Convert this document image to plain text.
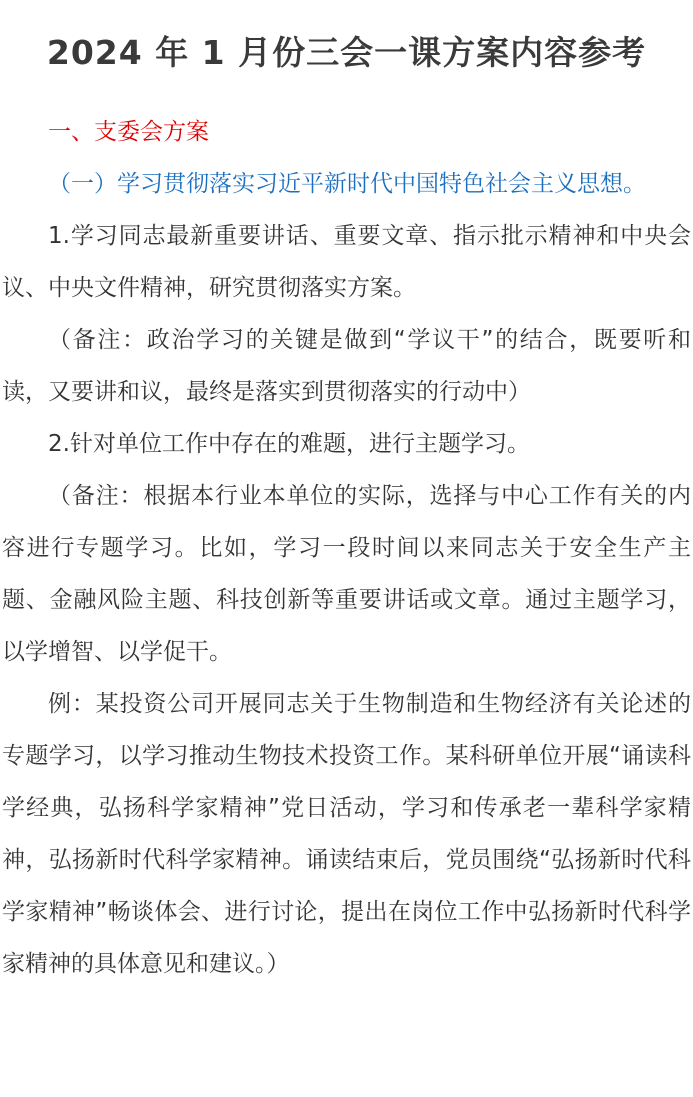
2024 年 1 月份三会一课方案内容参考

一、支委会方案

（一）学习贯彻落实习近平新时代中国特色社会主义思想。

1.学习同志最新重要讲话、重要文章、指示批示精神和中央会议、中央文件精神，研究贯彻落实方案。

（备注：政治学习的关键是做到“学议干”的结合，既要听和读，又要讲和议，最终是落实到贯彻落实的行动中）

2.针对单位工作中存在的难题，进行主题学习。

（备注：根据本行业本单位的实际，选择与中心工作有关的内容进行专题学习。比如，学习一段时间以来同志关于安全生产主题、金融风险主题、科技创新等重要讲话或文章。通过主题学习，以学增智、以学促干。

例：某投资公司开展同志关于生物制造和生物经济有关论述的专题学习，以学习推动生物技术投资工作。某科研单位开展“诵读科学经典，弘扬科学家精神”党日活动，学习和传承老一辈科学家精神，弘扬新时代科学家精神。诵读结束后，党员围绕“弘扬新时代科学家精神”畅谈体会、进行讨论，提出在岗位工作中弘扬新时代科学家精神的具体意见和建议。）
